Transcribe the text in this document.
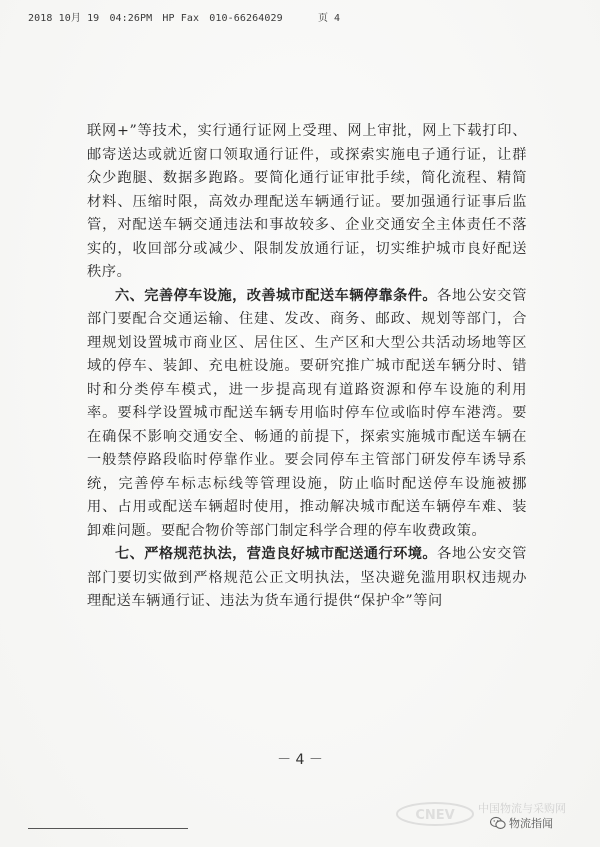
2018 10月 19 04:26PM HP Fax 010-66264029	页 4

联网+”等技术，实行通行证网上受理、网上审批，网上下载打印、邮寄送达或就近窗口领取通行证件，或探索实施电子通行证，让群众少跑腿、数据多跑路。要简化通行证审批手续，简化流程、精简材料、压缩时限，高效办理配送车辆通行证。要加强通行证事后监管，对配送车辆交通违法和事故较多、企业交通安全主体责任不落实的，收回部分或减少、限制发放通行证，切实维护城市良好配送秩序。

六、完善停车设施，改善城市配送车辆停靠条件。各地公安交管部门要配合交通运输、住建、发改、商务、邮政、规划等部门，合理规划设置城市商业区、居住区、生产区和大型公共活动场地等区域的停车、装卸、充电桩设施。要研究推广城市配送车辆分时、错时和分类停车模式，进一步提高现有道路资源和停车设施的利用率。要科学设置城市配送车辆专用临时停车位或临时停车港湾。要在确保不影响交通安全、畅通的前提下，探索实施城市配送车辆在一般禁停路段临时停靠作业。要会同停车主管部门研发停车诱导系统，完善停车标志标线等管理设施，防止临时配送停车设施被挪用、占用或配送车辆超时使用，推动解决城市配送车辆停车难、装卸难问题。要配合物价等部门制定科学合理的停车收费政策。

七、严格规范执法，营造良好城市配送通行环境。各地公安交管部门要切实做到严格规范公正文明执法，坚决避免滥用职权违规办理配送车辆通行证、违法为货车通行提供“保护伞”等问

－ 4 －
CNEV 中国物流与采购网
物流指闻
